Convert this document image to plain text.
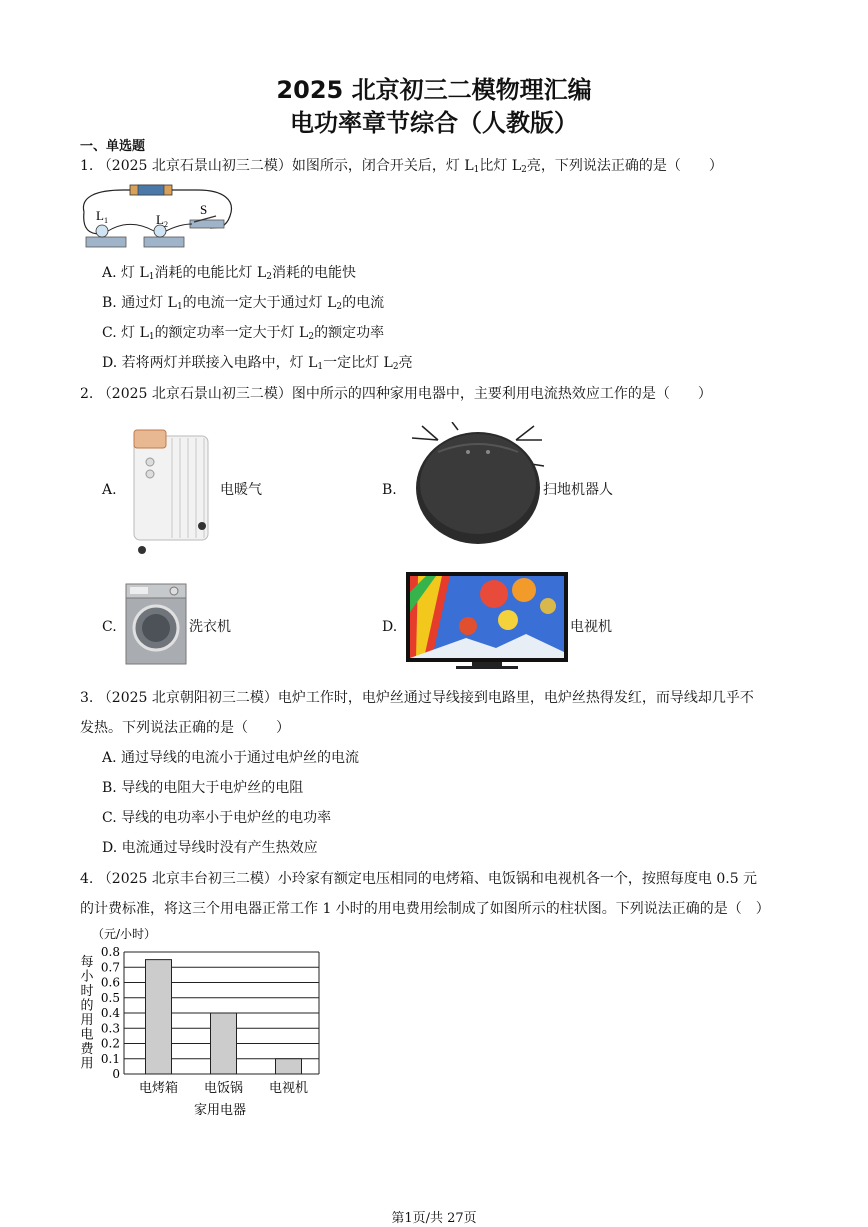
2025 北京初三二模物理汇编
电功率章节综合（人教版）
一、单选题
1. （2025 北京石景山初三二模）如图所示，闭合开关后，灯 $L_1$比灯 $L_2$亮，下列说法正确的是（　　）
L 1	L 2
S
A. 灯 $L_1$消耗的电能比灯 $L_2$消耗的电能快
B. 通过灯 $L_1$的电流一定大于通过灯 $L_2$的电流
C. 灯 $L_1$的额定功率一定大于灯 $L_2$的额定功率
D. 若将两灯并联接入电路中，灯 $L_1$一定比灯 $L_2$亮
2. （2025 北京石景山初三二模）图中所示的四种家用电器中，主要利用电流热效应工作的是（　　）
A.	电暖气	B.	扫地机器人
C.	洗衣机	D.	电视机
3. （2025 北京朝阳初三二模）电炉工作时，电炉丝通过导线接到电路里，电炉丝热得发红，而导线却几乎不
发热。下列说法正确的是（　　）
A. 通过导线的电流小于通过电炉丝的电流
B. 导线的电阻大于电炉丝的电阻
C. 导线的电功率小于电炉丝的电功率
D. 电流通过导线时没有产生热效应
4. （2025 北京丰台初三二模）小玲家有额定电压相同的电烤箱、电饭锅和电视机各一个，按照每度电 0.5 元
的计费标准，将这三个用电器正常工作 1 小时的用电费用绘制成了如图所示的柱状图。下列说法正确的是（　）
（元/小时）
每
小
时
的
用
电
费
用
0
0.1
0.2
0.3
0.4
0.5
0.6
0.7
0.8
电烤箱 电饭锅 电视机
家用电器
第1页/共 27页
